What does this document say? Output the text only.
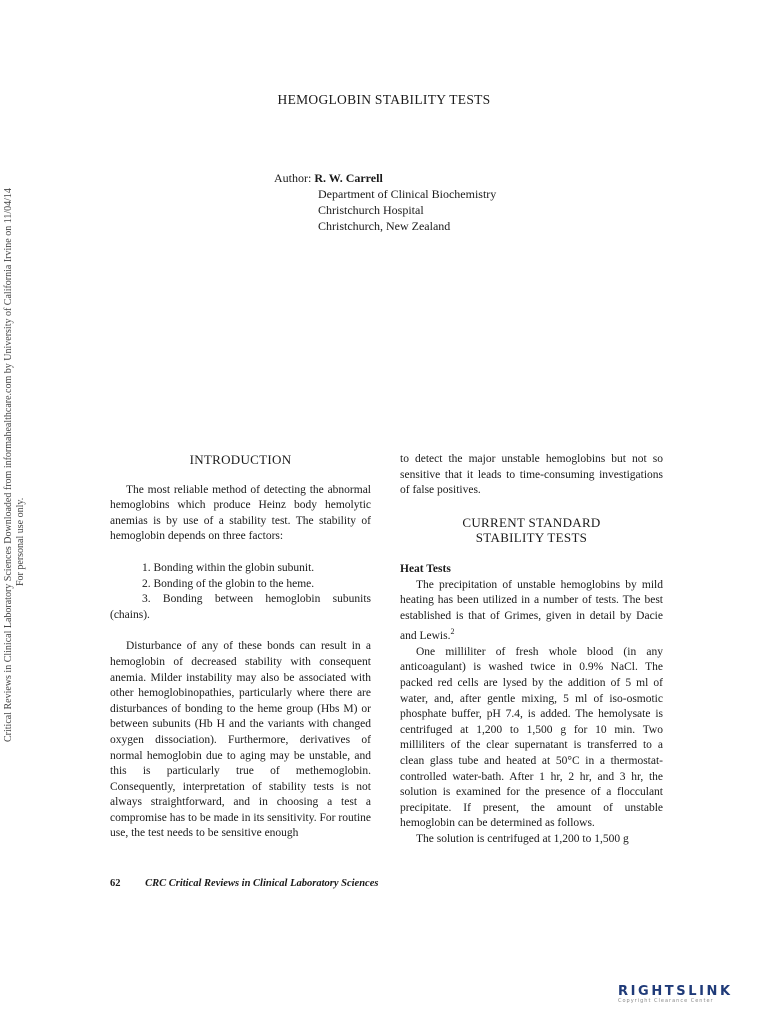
Critical Reviews in Clinical Laboratory Sciences Downloaded from informahealthcare.com by University of California Irvine on 11/04/14 For personal use only.
HEMOGLOBIN STABILITY TESTS
Author: R. W. Carrell
Department of Clinical Biochemistry
Christchurch Hospital
Christchurch, New Zealand
INTRODUCTION

The most reliable method of detecting the abnormal hemoglobins which produce Heinz body hemolytic anemias is by use of a stability test. The stability of hemoglobin depends on three factors:

1. Bonding within the globin subunit.
2. Bonding of the globin to the heme.
3. Bonding between hemoglobin subunits (chains).

Disturbance of any of these bonds can result in a hemoglobin of decreased stability with consequent anemia. Milder instability may also be associated with other hemoglobinopathies, particularly where there are disturbances of bonding to the heme group (Hbs M) or between subunits (Hb H and the variants with changed oxygen dissociation). Furthermore, derivatives of normal hemoglobin due to aging may be unstable, and this is particularly true of methemoglobin. Consequently, interpretation of stability tests is not always straightforward, and in choosing a test a compromise has to be made in its sensitivity. For routine use, the test needs to be sensitive enough

to detect the major unstable hemoglobins but not so sensitive that it leads to time-consuming investigations of false positives.

CURRENT STANDARD
STABILITY TESTS
Heat Tests

The precipitation of unstable hemoglobins by mild heating has been utilized in a number of tests. The best established is that of Grimes, given in detail by Dacie and Lewis.$^2$

One milliliter of fresh whole blood (in any anticoagulant) is washed twice in 0.9% NaCl. The packed red cells are lysed by the addition of 5 ml of water, and, after gentle mixing, 5 ml of iso-osmotic phosphate buffer, pH 7.4, is added. The hemolysate is centrifuged at 1,200 to 1,500 g for 10 min. Two milliliters of the clear supernatant is transferred to a clean glass tube and heated at 50°C in a thermostat-controlled water-bath. After 1 hr, 2 hr, and 3 hr, the solution is examined for the presence of a flocculant precipitate. If present, the amount of unstable hemoglobin can be determined as follows.

The solution is centrifuged at 1,200 to 1,500 g

62 CRC Critical Reviews in Clinical Laboratory Sciences
RIGHTSLINK
Copyright Clearance Center
